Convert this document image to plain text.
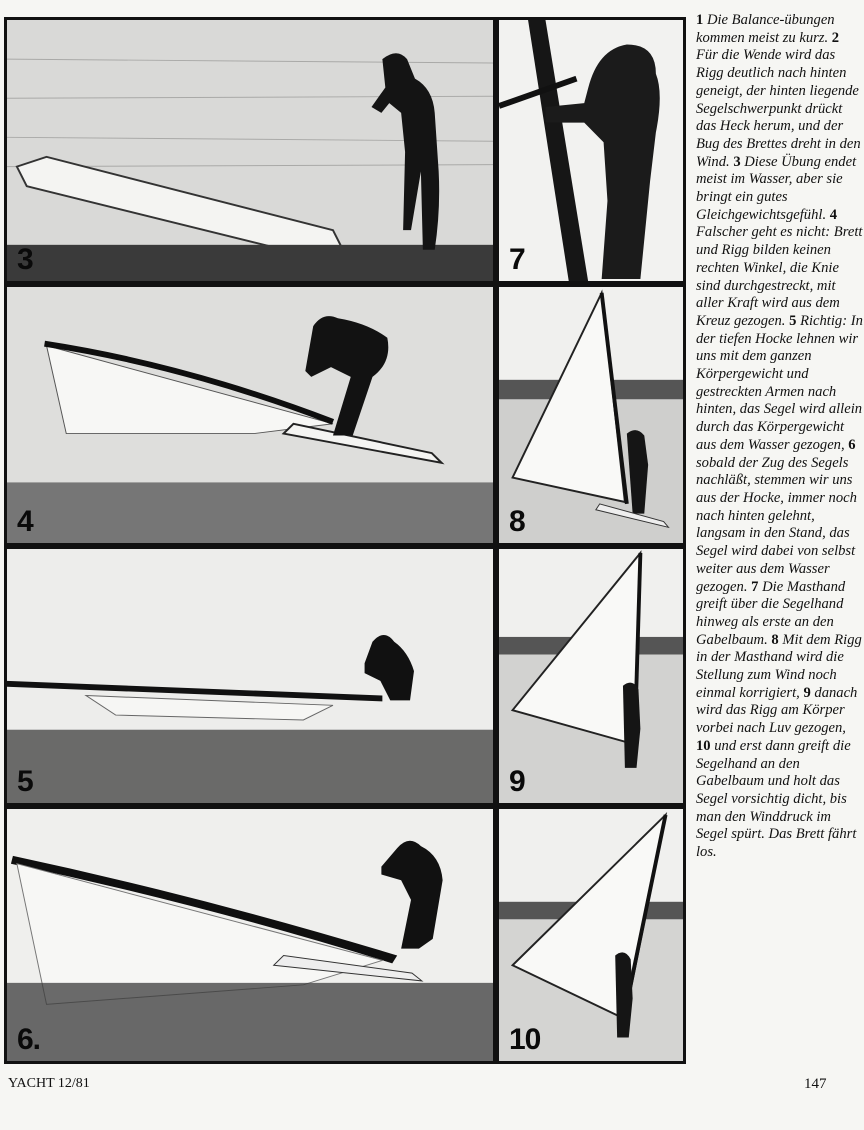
3	7
4	8
5	9
6.	10
1 Die Balance-übungen kommen meist zu kurz. 2

Für die Wende wird das Rigg deutlich nach hinten geneigt, der hinten liegende Segelschwerpunkt drückt das Heck herum, und der Bug des Brettes dreht in den Wind. 3 Diese Übung endet meist im Wasser, aber sie bringt ein gutes Gleichgewichtsgefühl. 4

Falscher geht es nicht: Brett und Rigg bilden keinen rechten Winkel, die Knie sind durchgestreckt, mit aller Kraft wird aus dem Kreuz gezogen. 5 Richtig: In der tiefen Hocke lehnen wir uns mit dem ganzen Körpergewicht und gestreckten Armen nach hinten, das Segel wird allein durch das Körpergewicht aus dem Wasser gezogen, 6

sobald der Zug des Segels nachläßt, stemmen wir uns aus der Hocke, immer noch nach hinten gelehnt, langsam in den Stand, das Segel wird dabei von selbst weiter aus dem Wasser gezogen. 7 Die Masthand greift über die Segelhand hinweg als erste an den Gabelbaum. 8 Mit dem Rigg in der Masthand wird die Stellung zum Wind noch einmal korrigiert, 9 danach wird das Rigg am Körper vorbei nach Luv gezogen,

10 und erst dann greift die Segelhand an den Gabelbaum und holt das Segel vorsichtig dicht, bis man den Winddruck im Segel spürt. Das Brett fährt los.

YACHT 12/81	147
